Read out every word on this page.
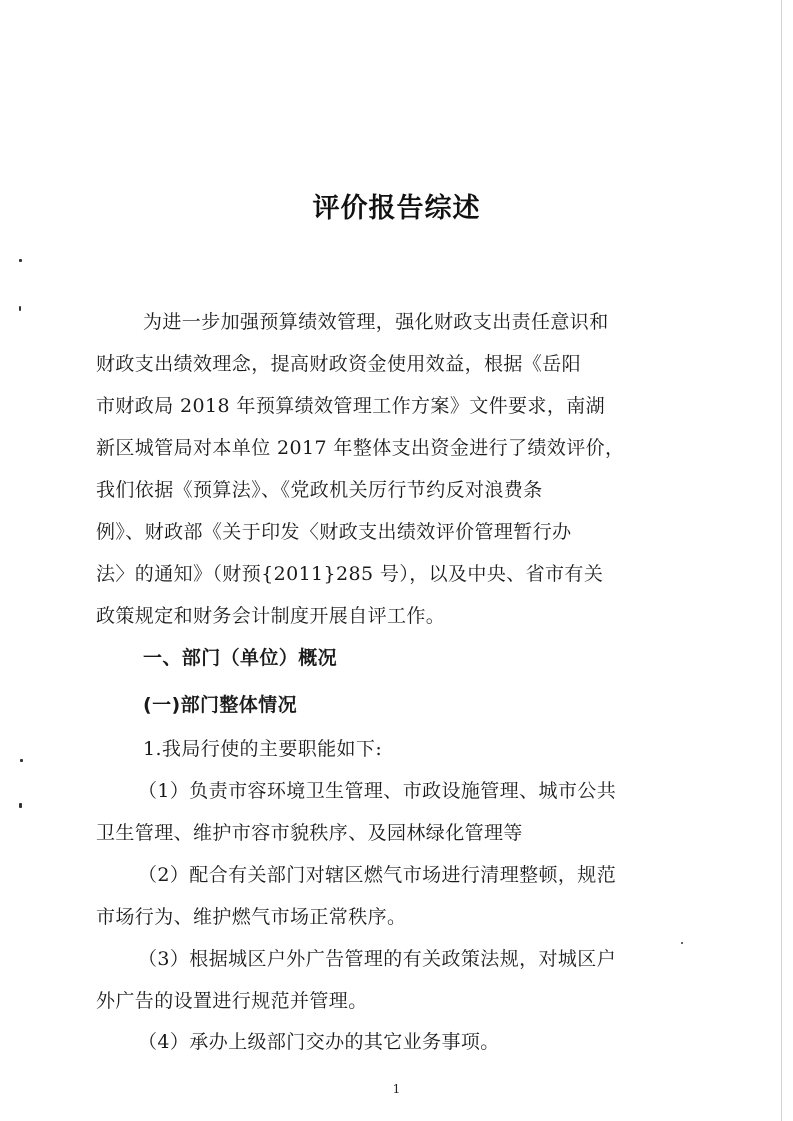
评价报告综述
为进一步加强预算绩效管理，强化财政支出责任意识和
财政支出绩效理念，提高财政资金使用效益，根据《岳阳
市财政局 2018 年预算绩效管理工作方案》文件要求，南湖
新区城管局对本单位 2017 年整体支出资金进行了绩效评价，
我们依据《预算法》、《党政机关厉行节约反对浪费条
例》、财政部《关于印发〈财政支出绩效评价管理暂行办
法〉的通知》（财预{2011}285 号），以及中央、省市有关
政策规定和财务会计制度开展自评工作。
一、部门（单位）概况
(一)部门整体情况
1.我局行使的主要职能如下:
（1）负责市容环境卫生管理、市政设施管理、城市公共
卫生管理、维护市容市貌秩序、及园林绿化管理等
（2）配合有关部门对辖区燃气市场进行清理整顿，规范
市场行为、维护燃气市场正常秩序。
（3）根据城区户外广告管理的有关政策法规，对城区户
外广告的设置进行规范并管理。
（4）承办上级部门交办的其它业务事项。
1
